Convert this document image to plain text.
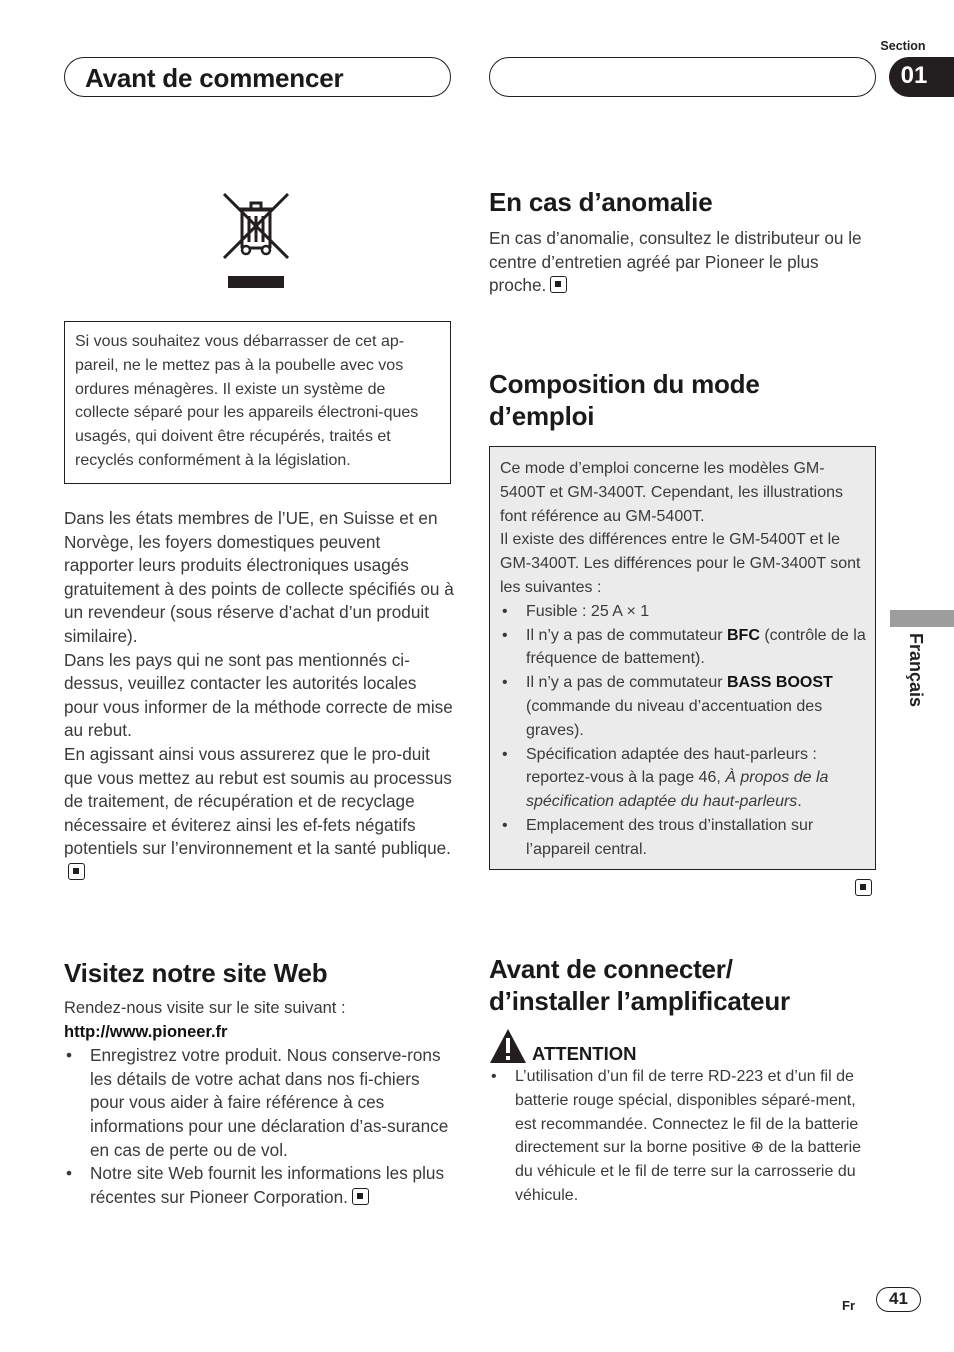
Avant de commencer
Section
01
Français
Si vous souhaitez vous débarrasser de cet ap-pareil, ne le mettez pas à la poubelle avec vos ordures ménagères. Il existe un système de collecte séparé pour les appareils électroni-ques usagés, qui doivent être récupérés, traités et recyclés conformément à la législation.

Dans les états membres de l’UE, en Suisse et en Norvège, les foyers domestiques peuvent rapporter leurs produits électroniques usagés gratuitement à des points de collecte spécifiés ou à un revendeur (sous réserve d’achat d’un produit similaire).

Dans les pays qui ne sont pas mentionnés ci-dessus, veuillez contacter les autorités locales pour vous informer de la méthode correcte de mise au rebut.

En agissant ainsi vous assurerez que le pro-duit que vous mettez au rebut est soumis au processus de traitement, de récupération et de recyclage nécessaire et éviterez ainsi les ef-fets négatifs potentiels sur l’environnement et la santé publique.

Visitez notre site Web

Rendez-nous visite sur le site suivant :

http://www.pioneer.fr

• Enregistrez votre produit. Nous conserve-rons les détails de votre achat dans nos fi-chiers pour vous aider à faire référence à ces informations pour une déclaration d’as-surance en cas de perte ou de vol.
• Notre site Web fournit les informations les plus récentes sur Pioneer Corporation.
En cas d’anomalie
En cas d’anomalie, consultez le distributeur ou le centre d’entretien agréé par Pioneer le plus proche.
Composition du mode
d’emploi

Ce mode d’emploi concerne les modèles GM-5400T et GM-3400T. Cependant, les illustrations font référence au GM-5400T.

Il existe des différences entre le GM-5400T et le GM-3400T. Les différences pour le GM-3400T sont les suivantes :

• Fusible : 25 A × 1
• Il n’y a pas de commutateur BFC (contrôle de la fréquence de battement).
• Il n’y a pas de commutateur BASS BOOST (commande du niveau d’accentuation des graves).
• Spécification adaptée des haut-parleurs : reportez-vous à la page 46, À propos de la spécification adaptée du haut-parleurs.
• Emplacement des trous d’installation sur l’appareil central.
Avant de connecter/
d’installer l’amplificateur
ATTENTION
• L’utilisation d’un fil de terre RD-223 et d’un fil de batterie rouge spécial, disponibles séparé-ment, est recommandée. Connectez le fil de la batterie directement sur la borne positive ⊕ de la batterie du véhicule et le fil de terre sur la carrosserie du véhicule.
Fr	41
